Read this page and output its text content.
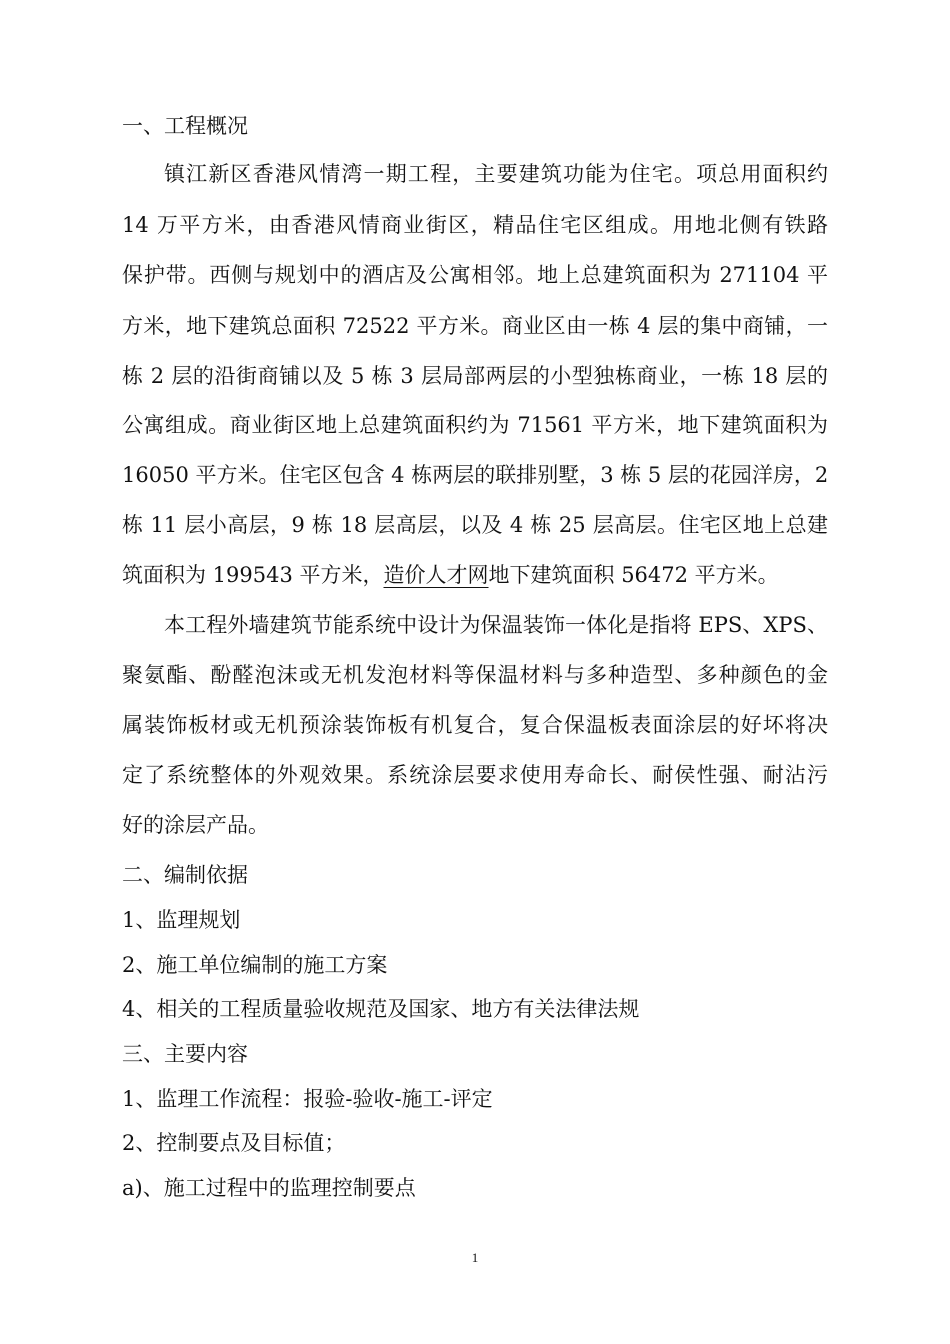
一、工程概况
镇江新区香港风情湾一期工程，主要建筑功能为住宅。项总用面积约
14 万平方米，由香港风情商业街区，精品住宅区组成。用地北侧有铁路
保护带。西侧与规划中的酒店及公寓相邻。地上总建筑面积为 271104 平
方米，地下建筑总面积 72522 平方米。商业区由一栋 4 层的集中商铺，一
栋 2 层的沿街商铺以及 5 栋 3 层局部两层的小型独栋商业，一栋 18 层的
公寓组成。商业街区地上总建筑面积约为 71561 平方米，地下建筑面积为
16050 平方米。住宅区包含 4 栋两层的联排别墅，3 栋 5 层的花园洋房，2
栋 11 层小高层，9 栋 18 层高层，以及 4 栋 25 层高层。住宅区地上总建
筑面积为 199543 平方米，造价人才网地下建筑面积 56472 平方米。
本工程外墙建筑节能系统中设计为保温装饰一体化是指将 EPS、XPS、
聚氨酯、酚醛泡沫或无机发泡材料等保温材料与多种造型、多种颜色的金
属装饰板材或无机预涂装饰板有机复合，复合保温板表面涂层的好坏将决
定了系统整体的外观效果。系统涂层要求使用寿命长、耐侯性强、耐沾污
好的涂层产品。
二、编制依据
1、监理规划
2、施工单位编制的施工方案
4、相关的工程质量验收规范及国家、地方有关法律法规
三、主要内容
1、监理工作流程：报验-验收-施工-评定
2、控制要点及目标值；
a)、施工过程中的监理控制要点
1
